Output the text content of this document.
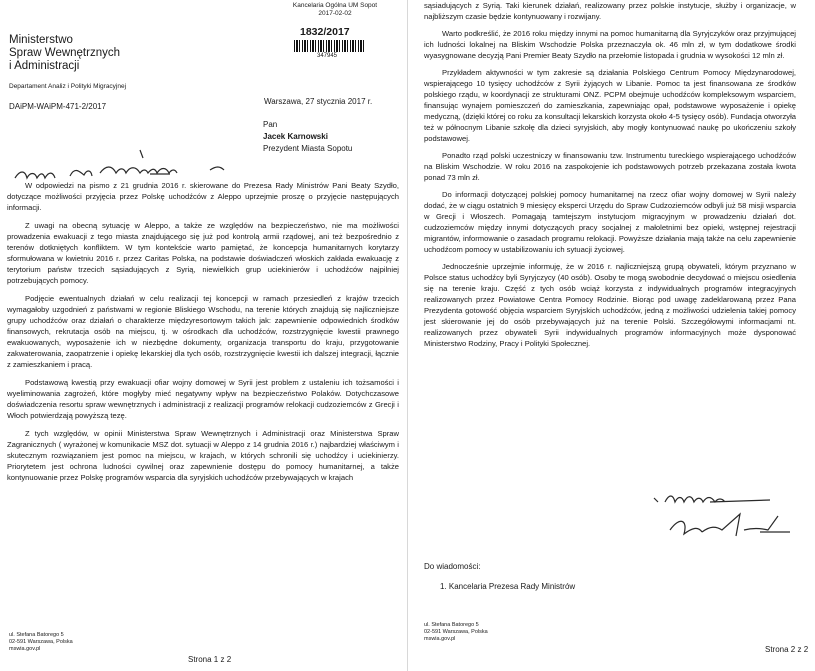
Kancelaria Ogólna UM Sopot
2017-02-02
1832/2017
347945
Ministerstwo
Spraw Wewnętrznych
i Administracji
Departament Analiz i Polityki Migracyjnej
DAiPM-WAiPM-471-2/2017
Warszawa, 27 stycznia 2017 r.
Pan
Jacek Karnowski
Prezydent Miasta Sopotu

W odpowiedzi na pismo z 21 grudnia 2016 r. skierowane do Prezesa Rady Ministrów Pani Beaty Szydło, dotyczące możliwości przyjęcia przez Polskę uchodźców z Aleppo uprzejmie proszę o przyjęcie następujących informacji.

Z uwagi na obecną sytuację w Aleppo, a także ze względów na bezpieczeństwo, nie ma możliwości prowadzenia ewakuacji z tego miasta znajdującego się już pod kontrolą armii rządowej, ani też bezpośrednio z terenów dotkniętych konfliktem. W tym kontekście warto pamiętać, że koncepcja humanitarnych korytarzy sformułowana w kwietniu 2016 r. przez Caritas Polska, na podstawie doświadczeń włoskich zakłada ewakuację z terytorium państw trzecich sąsiadujących z Syrią, niewielkich grup uciekinierów i uchodźców najpilniej potrzebujących pomocy.

Podjęcie ewentualnych działań w celu realizacji tej koncepcji w ramach przesiedleń z krajów trzecich wymagałoby uzgodnień z państwami w regionie Bliskiego Wschodu, na terenie których znajdują się najliczniejsze grupy uchodźców oraz działań o charakterze międzyresortowym takich jak: zapewnienie odpowiednich środków finansowych, rekrutacja osób na miejscu, tj. w ośrodkach dla uchodźców, rozstrzygnięcie kwestii prawnego ewakuowanych, wyposażenie ich w niezbędne dokumenty, organizacja transportu do kraju, przygotowanie zakwaterowania, zaopatrzenie i opiekę lekarskiej dla tych osób, rozstrzygnięcie kwestii ich dalszej integracji, łącznie z zamieszkaniem i pracą.

Podstawową kwestią przy ewakuacji ofiar wojny domowej w Syrii jest problem z ustaleniu ich tożsamości i wyeliminowania zagrożeń, które mogłyby mieć negatywny wpływ na bezpieczeństwo Polaków. Dotychczasowe doświadczenia resortu spraw wewnętrznych i administracji z realizacji programów relokacji cudzoziemców z Grecji i Włoch potwierdzają powyższą tezę.

Z tych względów, w opinii Ministerstwa Spraw Wewnętrznych i Administracji oraz Ministerstwa Spraw Zagranicznych ( wyrażonej w komunikacie MSZ dot. sytuacji w Aleppo z 14 grudnia 2016 r.) najbardziej właściwym i skutecznym rozwiązaniem jest pomoc na miejscu, w krajach, w których schronili się uchodźcy i uciekinierzy. Priorytetem jest ochrona ludności cywilnej oraz zapewnienie dostępu do pomocy humanitarnej, a także kontynuowanie przez Polskę programów wsparcia dla syryjskich uchodźców przebywających w krajach

ul. Stefana Batorego 5
02-591 Warszawa, Polska
mswia.gov.pl
Strona 1 z 2

sąsiadujących z Syrią. Taki kierunek działań, realizowany przez polskie instytucje, służby i organizacje, w najbliższym czasie będzie kontynuowany i rozwijany.

Warto podkreślić, że 2016 roku między innymi na pomoc humanitarną dla Syryjczyków oraz przyjmującej ich ludności lokalnej na Bliskim Wschodzie Polska przeznaczyła ok. 46 mln zł, w tym dodatkowe środki wyasygnowane decyzją Pani Premier Beaty Szydło na przełomie listopada i grudnia w wysokości 12 mln zł.

Przykładem aktywności w tym zakresie są działania Polskiego Centrum Pomocy Międzynarodowej, wspierającego 10 tysięcy uchodźców z Syrii żyjących w Libanie. Pomoc ta jest finansowana ze środków polskiego rządu, w koordynacji ze strukturami ONZ. PCPM obejmuje uchodźców kompleksowym wsparciem, finansując wynajem pomieszczeń do zamieszkania, zapewniając opał, podstawowe wyposażenie i opiekę medyczną, (dzięki której co roku za konsultacji lekarskich korzysta około 4-5 tysięcy osób). Fundacja otworzyła też w północnym Libanie szkołę dla dzieci syryjskich, aby mogły kontynuować naukę po ukończeniu szkoły podstawowej.

Ponadto rząd polski uczestniczy w finansowaniu tzw. Instrumentu tureckiego wspierającego uchodźców na Bliskim Wschodzie. W roku 2016 na zaspokojenie ich podstawowych potrzeb przekazana została kwota ponad 73 mln zł.

Do informacji dotyczącej polskiej pomocy humanitarnej na rzecz ofiar wojny domowej w Syrii należy dodać, że w ciągu ostatnich 9 miesięcy eksperci Urzędu do Spraw Cudzoziemców odbyli już 58 misji wsparcia w Grecji i Włoszech. Pomagają tamtejszym instytucjom migracyjnym w prowadzeniu działań dot. cudzoziemców między innymi dotyczących pracy socjalnej z małoletnimi bez opieki, wstępnej rejestracji migrantów, informowanie o zasadach programu relokacji. Powyższe działania mają także na celu zapewnienie uchodźcom pomocy w ustabilizowaniu ich sytuacji życiowej.

Jednocześnie uprzejmie informuję, że w 2016 r. najliczniejszą grupą obywateli, którym przyznano w Polsce status uchodźcy byli Syryjczycy (40 osób). Osoby te mogą swobodnie decydować o miejscu osiedlenia się na terenie kraju. Część z tych osób wciąż korzysta z indywidualnych programów integracyjnych realizowanych przez Powiatowe Centra Pomocy Rodzinie. Biorąc pod uwagę zadeklarowaną przez Pana Prezydenta gotowość objęcia wsparciem Syryjskich uchodźców, jedną z możliwości udzielenia takiej pomocy jest skierowanie jej do osób przebywających już na terenie Polski. Szczegółowymi informacjami nt. realizowanych przez obywateli Syrii indywidualnych programów informacyjnych może dysponować Ministerstwo Rodziny, Pracy i Polityki Społecznej.

Do wiadomości:
1. Kancelaria Prezesa Rady Ministrów
ul. Stefana Batorego 5
02-591 Warszawa, Polska
mswia.gov.pl
Strona 2 z 2
